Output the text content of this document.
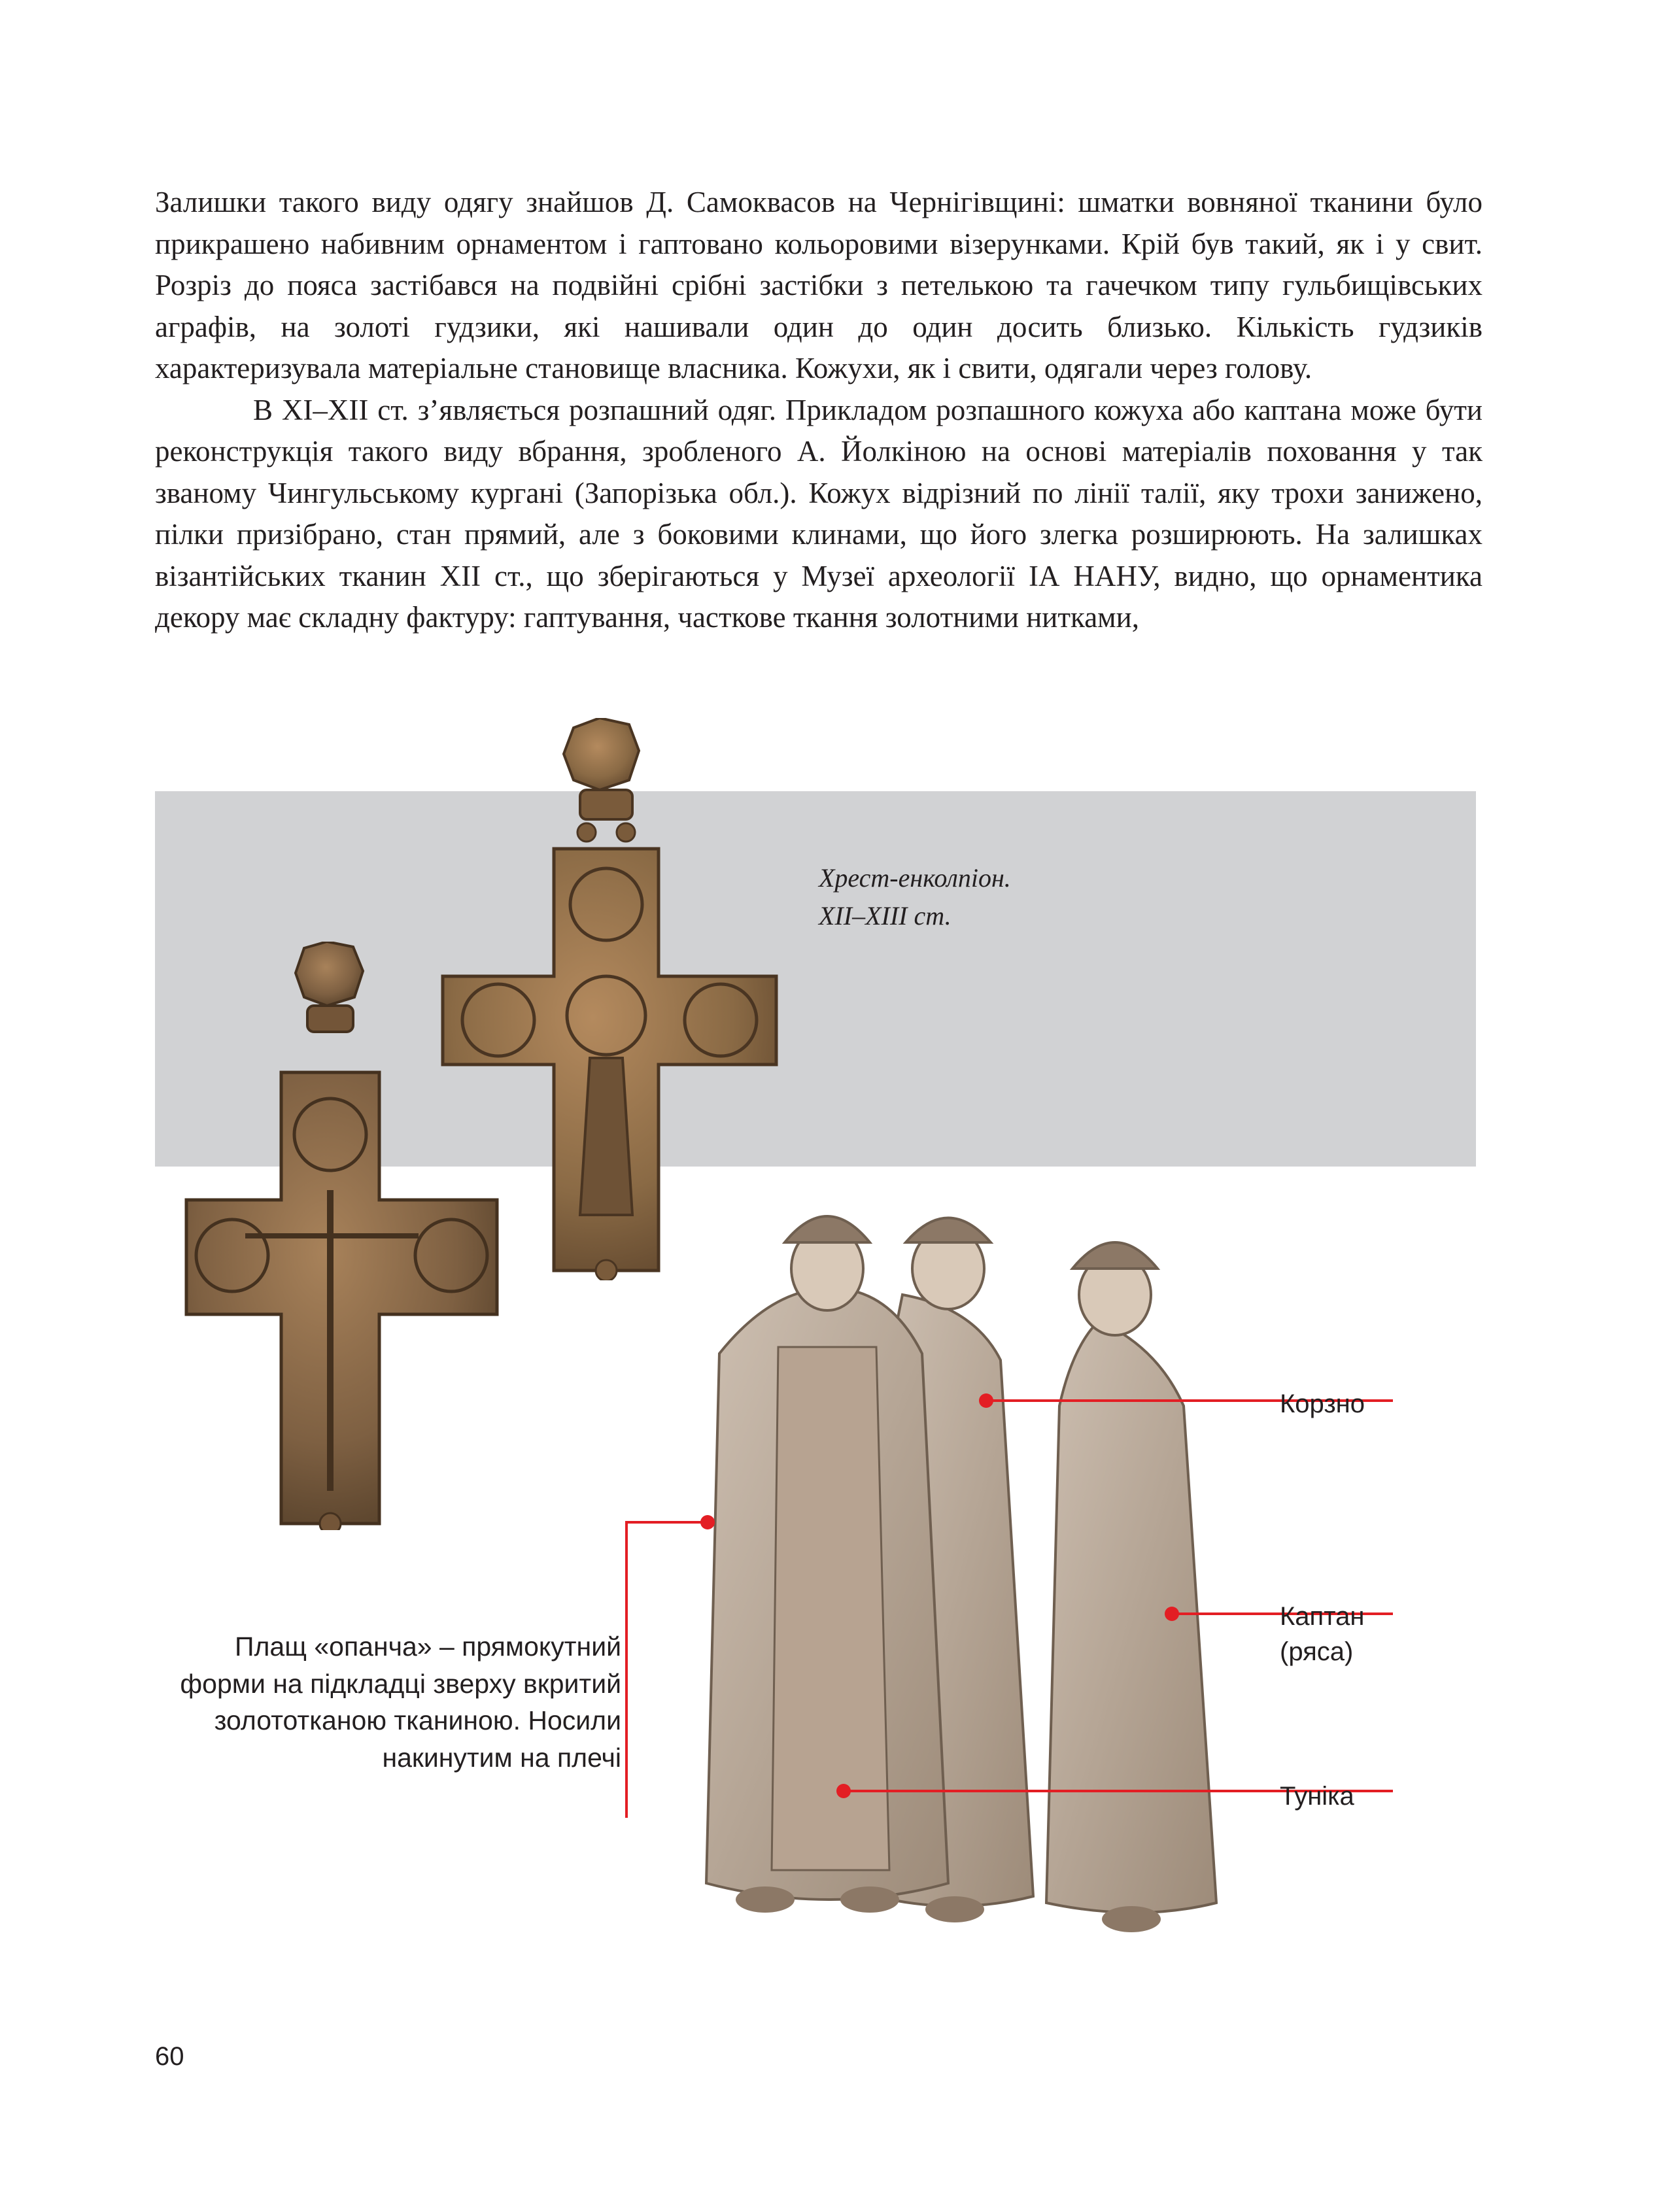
Залишки такого виду одягу знайшов Д. Самоквасов на Чернігівщині: шматки вовняної тканини було прикрашено набивним орнаментом і гаптовано кольоровими візерунками. Крій був такий, як і у свит. Розріз до пояса застібався на подвійні срібні застібки з петелькою та гачечком типу гульбищівських аграфів, на золоті гудзики, які нашивали один до один досить близько. Кількість гудзиків характеризувала матеріальне становище власника. Кожухи, як і свити, одягали через голову.

В ХІ–ХІІ ст. з’являється розпашний одяг. Прикладом розпашного кожуха або каптана може бути реконструкція такого виду вбрання, зробленого А. Йолкіною на основі матеріалів поховання у так званому Чингульському кургані (Запорізька обл.). Кожух відрізний по лінії талії, яку трохи занижено, пілки призібрано, стан прямий, але з боковими клинами, що його злегка розширюють. На залишках візантійських тканин ХІІ ст., що зберігаються у Музеї археології ІА НАНУ, видно, що орнаментика декору має складну фактуру: гаптування, часткове ткання золотними нитками,

Хрест-енколпіон.
ХІІ–ХІІІ ст.
Корзно
Каптан
(ряса)
Туніка
Плащ «опанча» – прямокутний форми на підкладці зверху вкритий золототканою тканиною. Носили накинутим на плечі
60
